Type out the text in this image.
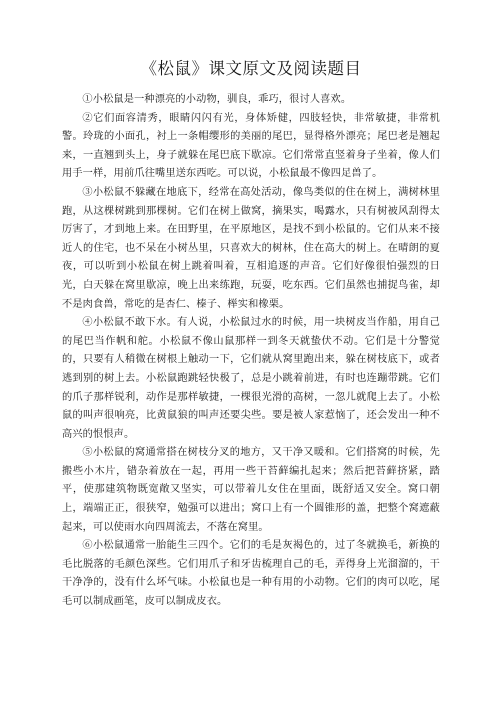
《松鼠》课文原文及阅读题目

①小松鼠是一种漂亮的小动物，驯良，乖巧，很讨人喜欢。

②它们面容清秀，眼睛闪闪有光，身体矫健，四肢轻快，非常敏捷，非常机警。玲珑的小面孔，衬上一条帽缨形的美丽的尾巴，显得格外漂亮；尾巴老是翘起来，一直翘到头上，身子就躲在尾巴底下歇凉。它们常常直竖着身子坐着，像人们用手一样，用前爪往嘴里送东西吃。可以说，小松鼠最不像四足兽了。

③小松鼠不躲藏在地底下，经常在高处活动，像鸟类似的住在树上，满树林里跑，从这棵树跳到那棵树。它们在树上做窝，摘果实，喝露水，只有树被风刮得太厉害了，才到地上来。在田野里，在平原地区，是找不到小松鼠的。它们从来不接近人的住宅，也不呆在小树丛里，只喜欢大的树林，住在高大的树上。在晴朗的夏夜，可以听到小松鼠在树上跳着叫着，互相追逐的声音。它们好像很怕强烈的日光，白天躲在窝里歇凉，晚上出来练跑，玩耍，吃东西。它们虽然也捕捉鸟雀，却不是肉食兽，常吃的是杏仁、榛子、榉实和橡栗。

④小松鼠不敢下水。有人说，小松鼠过水的时候，用一块树皮当作船，用自己的尾巴当作帆和舵。小松鼠不像山鼠那样一到冬天就蛰伏不动。它们是十分警觉的，只要有人稍微在树根上触动一下，它们就从窝里跑出来，躲在树枝底下，或者逃到别的树上去。小松鼠跑跳轻快极了，总是小跳着前进，有时也连蹦带跳。它们的爪子那样锐利，动作是那样敏捷，一棵很光滑的高树，一忽儿就爬上去了。小松鼠的叫声很响亮，比黄鼠狼的叫声还要尖些。要是被人家惹恼了，还会发出一种不高兴的恨恨声。

⑤小松鼠的窝通常搭在树枝分叉的地方，又干净又暖和。它们搭窝的时候，先搬些小木片，错杂着放在一起，再用一些干苔藓编扎起来；然后把苔藓挤紧，踏平，使那建筑物既宽敞又坚实，可以带着儿女住在里面，既舒适又安全。窝口朝上，端端正正，很狭窄，勉强可以进出；窝口上有一个圆锥形的盖，把整个窝遮蔽起来，可以使雨水向四周流去，不落在窝里。

⑥小松鼠通常一胎能生三四个。它们的毛是灰褐色的，过了冬就换毛，新换的毛比脱落的毛颜色深些。它们用爪子和牙齿梳理自己的毛，弄得身上光溜溜的，干干净净的，没有什么坏气味。小松鼠也是一种有用的小动物。它们的肉可以吃，尾毛可以制成画笔，皮可以制成皮衣。
